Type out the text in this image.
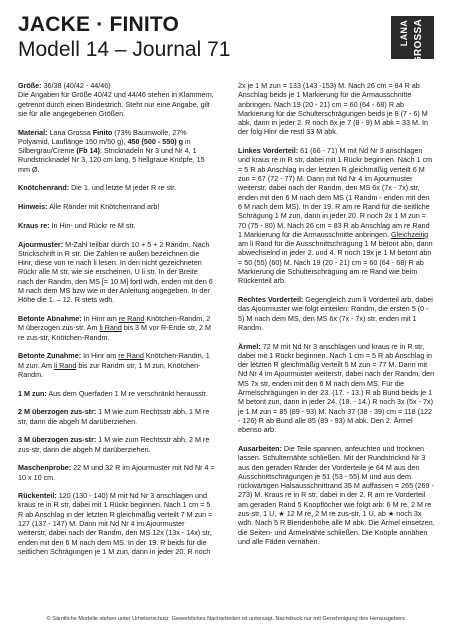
JACKE · FINITO
Modell 14 – Journal 71
LANA GROSSA

Größe: 36/38 (40/42 - 44/46)
Die Angaben für Größe 40/42 und 44/46 stehen in Klammern, getrennt durch einen Bindestrich. Steht nur eine Angabe, gilt sie für alle angegebenen Größen.

Material: Lana Grossa Finito (73% Baumwolle, 27% Polyamid, Lauflänge 150 m/50 g), 450 (500 - 550) g in Silbergrau/Creme (Fb 14); Stricknadeln Nr 3 und Nr 4, 1 Rundstricknadel Nr 3, 120 cm lang, 5 hellgraue Knöpfe, 15 mm Ø.

Knötchenrand: Die 1. und letzte M jeder R re str.

Hinweis: Alle Ränder mit Knötchenrand arb!

Kraus re: In Hin- und Rückr re M str.

Ajourmuster: M-Zahl teilbar durch 10 + 5 + 2 Randm. Nach Strickschrift in R str. Die Zahlen re außen bezeichnen die Hinr, diese von re nach li lesen. In den nicht gezeichneten Rückr alle M str, wie sie erscheinen, U li str. In der Breite nach der Randm, den MS [= 10 M] fortl wdh, enden mit den 6 M nach dem MS bzw wie in der Anleitung angegeben. In der Höhe die 1. – 12. R stets wdh.

Betonte Abnahme: In Hinr am re Rand Knötchen-Randm, 2 M überzogen zus-str. Am li Rand bis 3 M vor R-Ende str, 2 M re zus-str, Knötchen-Randm.

Betonte Zunahme: In Hinr am re Rand Knötchen-Randm, 1 M zun. Am li Rand bis zur Randm str, 1 M zun, Knötchen-Randm.

1 M zun: Aus dem Querfaden 1 M re verschränkt herausstr.

2 M überzogen zus-str: 1 M wie zum Rechtsstr abh, 1 M re str, dann die abgeh M darüberziehen.

3 M überzogen zus-str: 1 M wie zum Rechtsstr abh, 2 M re zus-str, dann die abgeh M darüberziehen.

Maschenprobe: 22 M und 32 R im Ajourmuster mit Nd Nr 4 = 10 x 10 cm.

Rückenteil: 120 (130 - 140) M mit Nd Nr 3 anschlagen und kraus re in R str, dabei mit 1 Rückr beginnen. Nach 1 cm = 5 R ab Anschlag in der letzten R gleichmäßig verteilt 7 M zun = 127 (137 - 147) M. Dann mit Nd Nr 4 im Ajourmuster weiterstr, dabei nach der Randm, den MS 12x (13x - 14x) str, enden mit den 6 M nach dem MS. In der 19. R beids für die seitlichen Schrägungen je 1 M zun, dann in jeder 20. R noch

2x je 1 M zun = 133 (143 -153) M. Nach 26 cm = 84 R ab Anschlag beids je 1 Markierung für die Armausschnitte anbringen. Nach 19 (20 - 21) cm = 60 (64 - 68) R ab Markierung für die Schulterschrägungen beids je 8 (7 - 6) M abk, dann in jeder 2. R noch 6x je 7 (8 - 9) M abk = 33 M. In der folg Hinr die restl 33 M abk.

Linkes Vorderteil: 61 (66 - 71) M mit Nd Nr 3 anschlagen und kraus re in R str, dabei mit 1 Rückr beginnen. Nach 1 cm = 5 R ab Anschlag in der letzten R gleichmäßig verteilt 6 M zun = 67 (72 - 77) M. Dann mit Nd Nr 4 im Ajourmuster weiterstr, dabei nach der Randm, den MS 6x (7x - 7x) str, enden mit den 6 M nach dem MS (1 Randm - enden mit den 6 M nach dem MS). In der 19. R am re Rand für die seitliche Schrägung 1 M zun, dann in jeder 20. R noch 2x 1 M zun = 70 (75 - 80) M. Nach 26 cm = 83 R ab Anschlag am re Rand 1 Markierung für die Armausschnitte anbringen. Gleichzeitig am li Rand für die Ausschnittschrägung 1 M betont abn, dann abwechselnd in jeder 2. und 4. R noch 19x je 1 M betont abn = 50 (55) (60) M. Nach 19 (20 - 21) cm = 60 (64 - 68) R ab Markierung die Schulterschrägung am re Rand wie beim Rückenteil arb.

Rechtes Vorderteil: Gegengleich zum li Vorderteil arb, dabei das Ajourmuster wie folgt einteilen: Randm, die ersten 5 (0 - 5) M nach dem MS, den MS 6x (7x - 7x) str, enden mit 1 Randm.

Ärmel: 72 M mit Nd Nr 3 anschlagen und kraus re in R str, dabei mit 1 Rückr beginnen. Nach 1 cm = 5 R ab Anschlag in der letzten R gleichmäßig verteilt 5 M zun = 77 M. Dann mit Nd Nr 4 im Ajourmuster weiterstr, dabei nach der Randm, den MS 7x str, enden mit den 6 M nach dem MS. Für die Ärmelschrägungen in der 23. (17. - 13.) R ab Bund beids je 1 M betont zun, dann in jeder 24. (18. - 14.) R noch 3x (5x - 7x) je 1 M zun = 85 (89 - 93) M. Nach 37 (38 - 39) cm = 118 (122 - 126) R ab Bund alle 85 (89 - 93) M abk. Den 2. Ärmel ebenso arb.

Ausarbeiten: Die Teile spannen, anfeuchten und trocknen lassen. Schulternähte schließen. Mit der Rundstricknd Nr 3 aus den geraden Ränder der Vorderteile je 64 M aus den Ausschnittschrägungen je 51 (53 - 55) M und aus dem rückwärtigen Halsausschnittrand 35 M auffassen = 265 (269 - 273) M. Kraus re in R str, dabei in der 2. R am re Vorderteil am geraden Rand 5 Knopflöcher wie folgt arb: 6 M re, 2 M re zus-str, 1 U, ★ 12 M re, 2 M re zus-str, 1 U, ab ★ noch 3x wdh. Nach 5 R Blendenhöhe alle M abk. Die Ärmel einsetzen, die Seiten- und Ärmelnähte schließen. Die Knöpfe annähen und alle Fäden vernähen.

© Sämtliche Modelle stehen unter Urheberschutz. Gewerbliches Nacharbeiten ist untersagt. Nachdruck nur mit Genehmigung des Herausgebers.
